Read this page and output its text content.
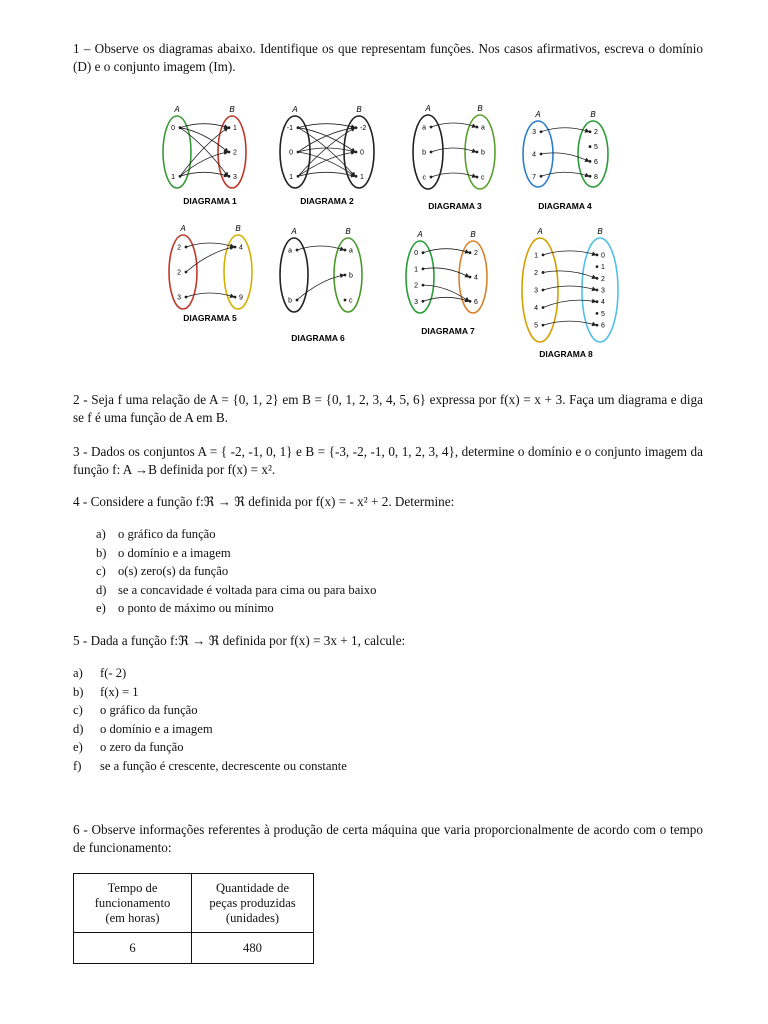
1 – Observe os diagramas abaixo. Identifique os que representam funções. Nos casos afirmativos, escreva o domínio (D) e o conjunto imagem (Im).

A	B
0
1
1
2
3
DIAGRAMA 1
A	B
-1
0
1
-2
0
1
DIAGRAMA 2
A	B
a
b
c
a
b
c
DIAGRAMA 3
A	B
3
4
7
2
5
6
8
DIAGRAMA 4
A	B
2
2
3
4
9
DIAGRAMA 5
A	B
a
b
a
b
c
DIAGRAMA 6
A	B
0
1
2
3
2
4
6
DIAGRAMA 7
A	B
1
2
3
4
5
0
1
2
3
4
5
6
DIAGRAMA 8

2 - Seja f uma relação de A = {0, 1, 2} em B = {0, 1, 2, 3, 4, 5, 6} expressa por f(x) = x + 3. Faça um diagrama e diga se f é uma função de A em B.

3 - Dados os conjuntos A = { -2, -1, 0, 1} e B = {-3, -2, -1, 0, 1, 2, 3, 4}, determine o domínio e o conjunto imagem da função f: A →B definida por f(x) = x².

4 - Considere a função f:ℜ → ℜ definida por f(x) = - x² + 2. Determine:

a) o gráfico da função
b) o domínio e a imagem
c) o(s) zero(s) da função
d) se a concavidade é voltada para cima ou para baixo
e) o ponto de máximo ou mínimo

5 - Dada a função f:ℜ → ℜ definida por f(x) = 3x + 1, calcule:

a)	f(- 2)
b)	f(x) = 1
c)	o gráfico da função
d)	o domínio e a imagem
e)	o zero da função
f)	se a função é crescente, decrescente ou constante

6 - Observe informações referentes à produção de certa máquina que varia proporcionalmente de acordo com o tempo de funcionamento:

Tempo de funcionamento (em horas)	Quantidade de peças produzidas (unidades)

6	480
